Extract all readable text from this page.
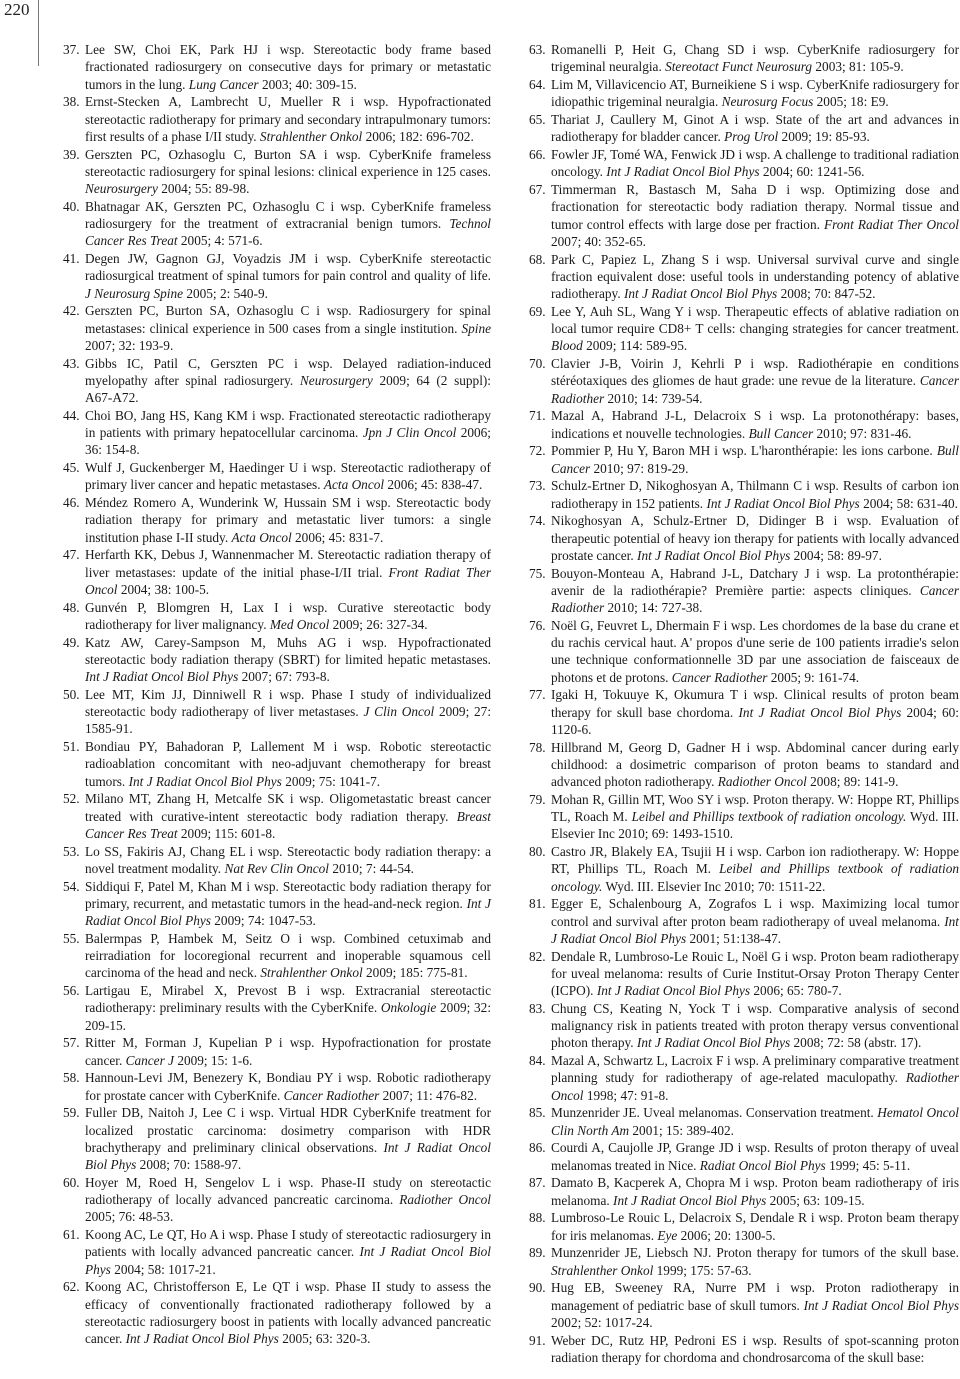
220
37. Lee SW, Choi EK, Park HJ i wsp. Stereotactic body frame based fractionated radiosurgery on consecutive days for primary or metastatic tumors in the lung. Lung Cancer 2003; 40: 309-15.
38. Ernst-Stecken A, Lambrecht U, Mueller R i wsp. Hypofractionated stereotactic radiotherapy for primary and secondary intrapulmonary tumors: first results of a phase I/II study. Strahlenther Onkol 2006; 182: 696-702.
39. Gerszten PC, Ozhasoglu C, Burton SA i wsp. CyberKnife frameless stereotactic radiosurgery for spinal lesions: clinical experience in 125 cases. Neurosurgery 2004; 55: 89-98.
40. Bhatnagar AK, Gerszten PC, Ozhasoglu C i wsp. CyberKnife frameless radiosurgery for the treatment of extracranial benign tumors. Technol Cancer Res Treat 2005; 4: 571-6.
41. Degen JW, Gagnon GJ, Voyadzis JM i wsp. CyberKnife stereotactic radiosurgical treatment of spinal tumors for pain control and quality of life. J Neurosurg Spine 2005; 2: 540-9.
42. Gerszten PC, Burton SA, Ozhasoglu C i wsp. Radiosurgery for spinal metastases: clinical experience in 500 cases from a single institution. Spine 2007; 32: 193-9.
43. Gibbs IC, Patil C, Gerszten PC i wsp. Delayed radiation-induced myelopathy after spinal radiosurgery. Neurosurgery 2009; 64 (2 suppl): A67-A72.
44. Choi BO, Jang HS, Kang KM i wsp. Fractionated stereotactic radiotherapy in patients with primary hepatocellular carcinoma. Jpn J Clin Oncol 2006; 36: 154-8.
45. Wulf J, Guckenberger M, Haedinger U i wsp. Stereotactic radiotherapy of primary liver cancer and hepatic metastases. Acta Oncol 2006; 45: 838-47.
46. Méndez Romero A, Wunderink W, Hussain SM i wsp. Stereotactic body radiation therapy for primary and metastatic liver tumors: a single institution phase I-II study. Acta Oncol 2006; 45: 831-7.
47. Herfarth KK, Debus J, Wannenmacher M. Stereotactic radiation therapy of liver metastases: update of the initial phase-I/II trial. Front Radiat Ther Oncol 2004; 38: 100-5.
48. Gunvén P, Blomgren H, Lax I i wsp. Curative stereotactic body radiotherapy for liver malignancy. Med Oncol 2009; 26: 327-34.
49. Katz AW, Carey-Sampson M, Muhs AG i wsp. Hypofractionated stereotactic body radiation therapy (SBRT) for limited hepatic metastases. Int J Radiat Oncol Biol Phys 2007; 67: 793-8.
50. Lee MT, Kim JJ, Dinniwell R i wsp. Phase I study of individualized stereotactic body radiotherapy of liver metastases. J Clin Oncol 2009; 27: 1585-91.
51. Bondiau PY, Bahadoran P, Lallement M i wsp. Robotic stereotactic radioablation concomitant with neo-adjuvant chemotherapy for breast tumors. Int J Radiat Oncol Biol Phys 2009; 75: 1041-7.
52. Milano MT, Zhang H, Metcalfe SK i wsp. Oligometastatic breast cancer treated with curative-intent stereotactic body radiation therapy. Breast Cancer Res Treat 2009; 115: 601-8.
53. Lo SS, Fakiris AJ, Chang EL i wsp. Stereotactic body radiation therapy: a novel treatment modality. Nat Rev Clin Oncol 2010; 7: 44-54.
54. Siddiqui F, Patel M, Khan M i wsp. Stereotactic body radiation therapy for primary, recurrent, and metastatic tumors in the head-and-neck region. Int J Radiat Oncol Biol Phys 2009; 74: 1047-53.
55. Balermpas P, Hambek M, Seitz O i wsp. Combined cetuximab and reirradiation for locoregional recurrent and inoperable squamous cell carcinoma of the head and neck. Strahlenther Onkol 2009; 185: 775-81.
56. Lartigau E, Mirabel X, Prevost B i wsp. Extracranial stereotactic radiotherapy: preliminary results with the CyberKnife. Onkologie 2009; 32: 209-15.
57. Ritter M, Forman J, Kupelian P i wsp. Hypofractionation for prostate cancer. Cancer J 2009; 15: 1-6.
58. Hannoun-Levi JM, Benezery K, Bondiau PY i wsp. Robotic radiotherapy for prostate cancer with CyberKnife. Cancer Radiother 2007; 11: 476-82.
59. Fuller DB, Naitoh J, Lee C i wsp. Virtual HDR CyberKnife treatment for localized prostatic carcinoma: dosimetry comparison with HDR brachytherapy and preliminary clinical observations. Int J Radiat Oncol Biol Phys 2008; 70: 1588-97.
60. Hoyer M, Roed H, Sengelov L i wsp. Phase-II study on stereotactic radiotherapy of locally advanced pancreatic carcinoma. Radiother Oncol 2005; 76: 48-53.
61. Koong AC, Le QT, Ho A i wsp. Phase I study of stereotactic radiosurgery in patients with locally advanced pancreatic cancer. Int J Radiat Oncol Biol Phys 2004; 58: 1017-21.
62. Koong AC, Christofferson E, Le QT i wsp. Phase II study to assess the efficacy of conventionally fractionated radiotherapy followed by a stereotactic radiosurgery boost in patients with locally advanced pancreatic cancer. Int J Radiat Oncol Biol Phys 2005; 63: 320-3.
63. Romanelli P, Heit G, Chang SD i wsp. CyberKnife radiosurgery for trigeminal neuralgia. Stereotact Funct Neurosurg 2003; 81: 105-9.
64. Lim M, Villavicencio AT, Burneikiene S i wsp. CyberKnife radiosurgery for idiopathic trigeminal neuralgia. Neurosurg Focus 2005; 18: E9.
65. Thariat J, Caullery M, Ginot A i wsp. State of the art and advances in radiotherapy for bladder cancer. Prog Urol 2009; 19: 85-93.
66. Fowler JF, Tomé WA, Fenwick JD i wsp. A challenge to traditional radiation oncology. Int J Radiat Oncol Biol Phys 2004; 60: 1241-56.
67. Timmerman R, Bastasch M, Saha D i wsp. Optimizing dose and fractionation for stereotactic body radiation therapy. Normal tissue and tumor control effects with large dose per fraction. Front Radiat Ther Oncol 2007; 40: 352-65.
68. Park C, Papiez L, Zhang S i wsp. Universal survival curve and single fraction equivalent dose: useful tools in understanding potency of ablative radiotherapy. Int J Radiat Oncol Biol Phys 2008; 70: 847-52.
69. Lee Y, Auh SL, Wang Y i wsp. Therapeutic effects of ablative radiation on local tumor require CD8+ T cells: changing strategies for cancer treatment. Blood 2009; 114: 589-95.
70. Clavier J-B, Voirin J, Kehrli P i wsp. Radiothérapie en conditions stéréotaxiques des gliomes de haut grade: une revue de la literature. Cancer Radiother 2010; 14: 739-54.
71. Mazal A, Habrand J-L, Delacroix S i wsp. La protonothérapy: bases, indications et nouvelle technologies. Bull Cancer 2010; 97: 831-46.
72. Pommier P, Hu Y, Baron MH i wsp. L'haronthérapie: les ions carbone. Bull Cancer 2010; 97: 819-29.
73. Schulz-Ertner D, Nikoghosyan A, Thilmann C i wsp. Results of carbon ion radiotherapy in 152 patients. Int J Radiat Oncol Biol Phys 2004; 58: 631-40.
74. Nikoghosyan A, Schulz-Ertner D, Didinger B i wsp. Evaluation of therapeutic potential of heavy ion therapy for patients with locally advanced prostate cancer. Int J Radiat Oncol Biol Phys 2004; 58: 89-97.
75. Bouyon-Monteau A, Habrand J-L, Datchary J i wsp. La protonthérapie: avenir de la radiothérapie? Première partie: aspects cliniques. Cancer Radiother 2010; 14: 727-38.
76. Noël G, Feuvret L, Dhermain F i wsp. Les chordomes de la base du crane et du rachis cervical haut. A' propos d'une serie de 100 patients irradie's selon une technique conformationnelle 3D par une association de faisceaux de photons et de protons. Cancer Radiother 2005; 9: 161-74.
77. Igaki H, Tokuuye K, Okumura T i wsp. Clinical results of proton beam therapy for skull base chordoma. Int J Radiat Oncol Biol Phys 2004; 60: 1120-6.
78. Hillbrand M, Georg D, Gadner H i wsp. Abdominal cancer during early childhood: a dosimetric comparison of proton beams to standard and advanced photon radiotherapy. Radiother Oncol 2008; 89: 141-9.
79. Mohan R, Gillin MT, Woo SY i wsp. Proton therapy. W: Hoppe RT, Phillips TL, Roach M. Leibel and Phillips textbook of radiation oncology. Wyd. III. Elsevier Inc 2010; 69: 1493-1510.
80. Castro JR, Blakely EA, Tsujii H i wsp. Carbon ion radiotherapy. W: Hoppe RT, Phillips TL, Roach M. Leibel and Phillips textbook of radiation oncology. Wyd. III. Elsevier Inc 2010; 70: 1511-22.
81. Egger E, Schalenbourg A, Zografos L i wsp. Maximizing local tumor control and survival after proton beam radiotherapy of uveal melanoma. Int J Radiat Oncol Biol Phys 2001; 51:138-47.
82. Dendale R, Lumbroso-Le Rouic L, Noël G i wsp. Proton beam radiotherapy for uveal melanoma: results of Curie Institut-Orsay Proton Therapy Center (ICPO). Int J Radiat Oncol Biol Phys 2006; 65: 780-7.
83. Chung CS, Keating N, Yock T i wsp. Comparative analysis of second malignancy risk in patients treated with proton therapy versus conventional photon therapy. Int J Radiat Oncol Biol Phys 2008; 72: 58 (abstr. 17).
84. Mazal A, Schwartz L, Lacroix F i wsp. A preliminary comparative treatment planning study for radiotherapy of age-related maculopathy. Radiother Oncol 1998; 47: 91-8.
85. Munzenrider JE. Uveal melanomas. Conservation treatment. Hematol Oncol Clin North Am 2001; 15: 389-402.
86. Courdi A, Caujolle JP, Grange JD i wsp. Results of proton therapy of uveal melanomas treated in Nice. Radiat Oncol Biol Phys 1999; 45: 5-11.
87. Damato B, Kacperek A, Chopra M i wsp. Proton beam radiotherapy of iris melanoma. Int J Radiat Oncol Biol Phys 2005; 63: 109-15.
88. Lumbroso-Le Rouic L, Delacroix S, Dendale R i wsp. Proton beam therapy for iris melanomas. Eye 2006; 20: 1300-5.
89. Munzenrider JE, Liebsch NJ. Proton therapy for tumors of the skull base. Strahlenther Onkol 1999; 175: 57-63.
90. Hug EB, Sweeney RA, Nurre PM i wsp. Proton radiotherapy in management of pediatric base of skull tumors. Int J Radiat Oncol Biol Phys 2002; 52: 1017-24.
91. Weber DC, Rutz HP, Pedroni ES i wsp. Results of spot-scanning proton radiation therapy for chordoma and chondrosarcoma of the skull base:
